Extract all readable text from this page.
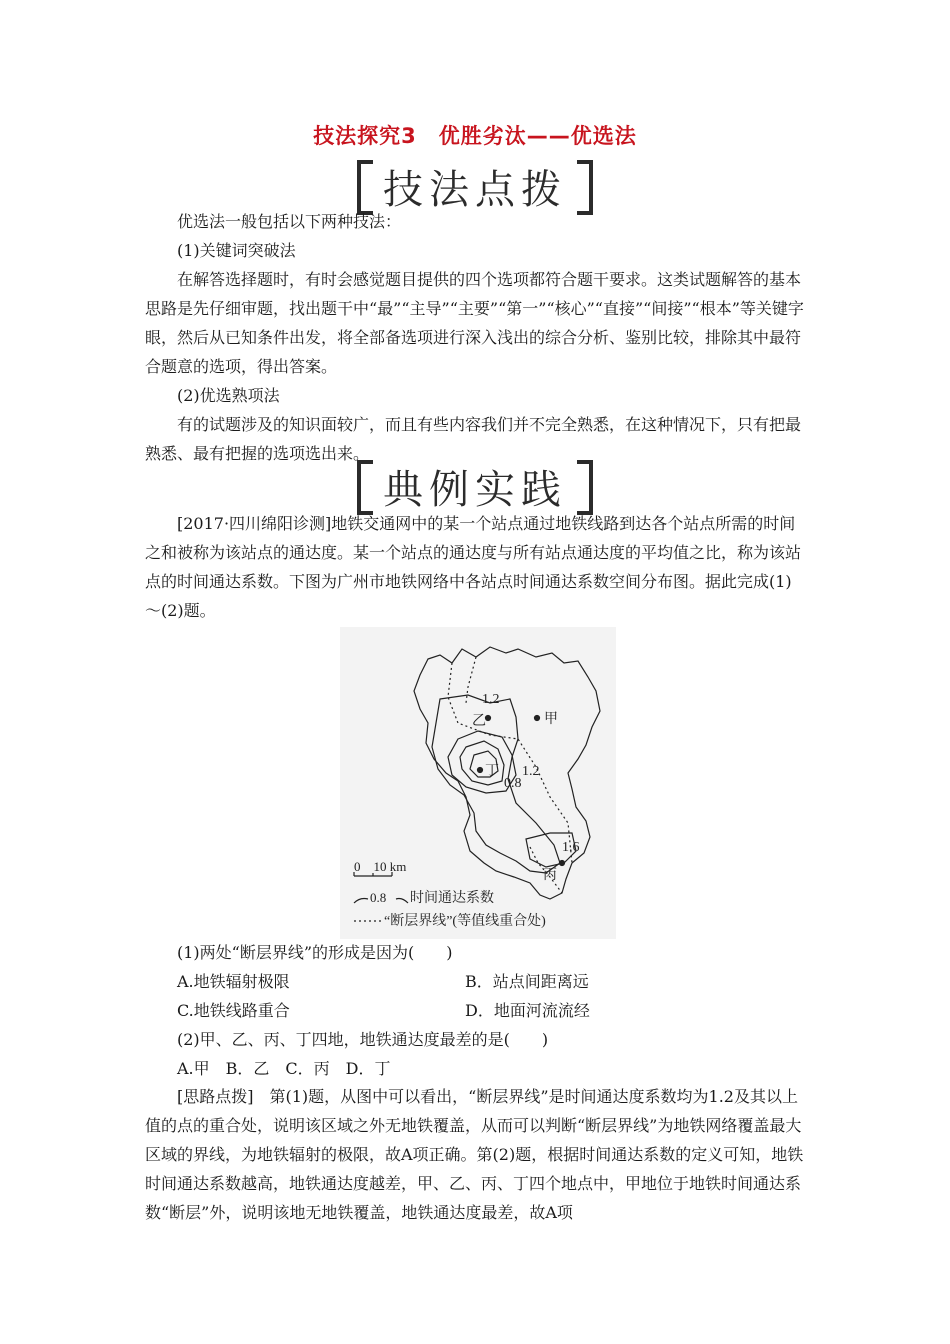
技法探究3　优胜劣汰——优选法
技法点拨

优选法一般包括以下两种技法：

(1)关键词突破法

在解答选择题时，有时会感觉题目提供的四个选项都符合题干要求。这类试题解答的基本思路是先仔细审题，找出题干中“最”“主导”“主要”“第一”“核心”“直接”“间接”“根本”等关键字眼，然后从已知条件出发，将全部备选项进行深入浅出的综合分析、鉴别比较，排除其中最符合题意的选项，得出答案。

(2)优选熟项法

有的试题涉及的知识面较广，而且有些内容我们并不完全熟悉，在这种情况下，只有把最熟悉、最有把握的选项选出来。

典例实践

[2017·四川绵阳诊测]地铁交通网中的某一个站点通过地铁线路到达各个站点所需的时间之和被称为该站点的通达度。某一个站点的通达度与所有站点通达度的平均值之比，称为该站点的时间通达系数。下图为广州市地铁网络中各站点时间通达系数空间分布图。据此完成(1)～(2)题。

1.2
1.2
0.8
1.6
甲
乙
丙
丁
0　10 km
0.8 时间通达系数
“断层界线”(等值线重合处)

(1)两处“断层界线”的形成是因为(　　)

A.地铁辐射极限	B．站点间距离远
C.地铁线路重合	D．地面河流流经

(2)甲、乙、丙、丁四地，地铁通达度最差的是(　　)

A.甲　B．乙　C．丙　D．丁

[思路点拨]　第(1)题，从图中可以看出，“断层界线”是时间通达度系数均为1.2及其以上值的点的重合处，说明该区域之外无地铁覆盖，从而可以判断“断层界线”为地铁网络覆盖最大区域的界线，为地铁辐射的极限，故A项正确。第(2)题，根据时间通达系数的定义可知，地铁时间通达系数越高，地铁通达度越差，甲、乙、丙、丁四个地点中，甲地位于地铁时间通达系数“断层”外，说明该地无地铁覆盖，地铁通达度最差，故A项
